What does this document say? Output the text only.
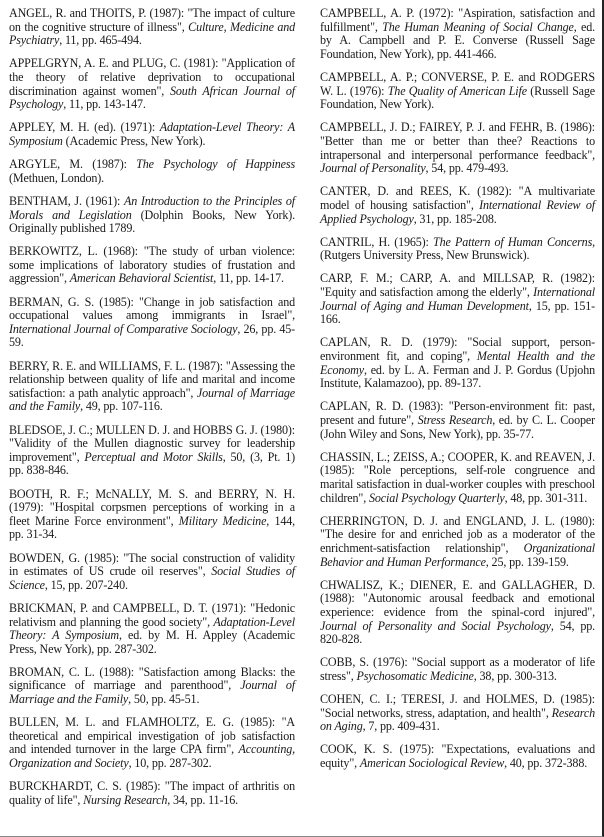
ANGEL, R. and THOITS, P. (1987): "The impact of culture on the cognitive structure of illness", Culture, Medicine and Psychiatry, 11, pp. 465-494.

APPELGRYN, A. E. and PLUG, C. (1981): "Application of the theory of relative deprivation to occupational discrimination against women", South African Journal of Psychology, 11, pp. 143-147.

APPLEY, M. H. (ed). (1971): Adaptation-Level Theory: A Symposium (Academic Press, New York).

ARGYLE, M. (1987): The Psychology of Happiness (Methuen, London).

BENTHAM, J. (1961): An Introduction to the Principles of Morals and Legislation (Dolphin Books, New York). Originally published 1789.

BERKOWITZ, L. (1968): "The study of urban violence: some implications of laboratory studies of frustation and aggression", American Behavioral Scientist, 11, pp. 14-17.

BERMAN, G. S. (1985): "Change in job satisfaction and occupational values among immigrants in Israel", International Journal of Comparative Sociology, 26, pp. 45-59.

BERRY, R. E. and WILLIAMS, F. L. (1987): "Assessing the relationship between quality of life and marital and income satisfaction: a path analytic approach", Journal of Marriage and the Family, 49, pp. 107-116.

BLEDSOE, J. C.; MULLEN D. J. and HOBBS G. J. (1980): "Validity of the Mullen diagnostic survey for leadership improvement", Perceptual and Motor Skills, 50, (3, Pt. 1) pp. 838-846.

BOOTH, R. F.; McNALLY, M. S. and BERRY, N. H. (1979): "Hospital corpsmen perceptions of working in a fleet Marine Force environment", Military Medicine, 144, pp. 31-34.

BOWDEN, G. (1985): "The social construction of validity in estimates of US crude oil reserves", Social Studies of Science, 15, pp. 207-240.

BRICKMAN, P. and CAMPBELL, D. T. (1971): "Hedonic relativism and planning the good society", Adaptation-Level Theory: A Symposium, ed. by M. H. Appley (Academic Press, New York), pp. 287-302.

BROMAN, C. L. (1988): "Satisfaction among Blacks: the significance of marriage and parenthood", Journal of Marriage and the Family, 50, pp. 45-51.

BULLEN, M. L. and FLAMHOLTZ, E. G. (1985): "A theoretical and empirical investigation of job satisfaction and intended turnover in the large CPA firm", Accounting, Organization and Society, 10, pp. 287-302.

BURCKHARDT, C. S. (1985): "The impact of arthritis on quality of life", Nursing Research, 34, pp. 11-16.

CAMPBELL, A. P. (1972): "Aspiration, satisfaction and fulfillment", The Human Meaning of Social Change, ed. by A. Campbell and P. E. Converse (Russell Sage Foundation, New York), pp. 441-466.

CAMPBELL, A. P.; CONVERSE, P. E. and RODGERS W. L. (1976): The Quality of American Life (Russell Sage Foundation, New York).

CAMPBELL, J. D.; FAIREY, P. J. and FEHR, B. (1986): "Better than me or better than thee? Reactions to intrapersonal and interpersonal performance feedback", Journal of Personality, 54, pp. 479-493.

CANTER, D. and REES, K. (1982): "A multivariate model of housing satisfaction", International Review of Applied Psychology, 31, pp. 185-208.

CANTRIL, H. (1965): The Pattern of Human Concerns, (Rutgers University Press, New Brunswick).

CARP, F. M.; CARP, A. and MILLSAP, R. (1982): "Equity and satisfaction among the elderly", International Journal of Aging and Human Development, 15, pp. 151-166.

CAPLAN, R. D. (1979): "Social support, person-environment fit, and coping", Mental Health and the Economy, ed. by L. A. Ferman and J. P. Gordus (Upjohn Institute, Kalamazoo), pp. 89-137.

CAPLAN, R. D. (1983): "Person-environment fit: past, present and future", Stress Research, ed. by C. L. Cooper (John Wiley and Sons, New York), pp. 35-77.

CHASSIN, L.; ZEISS, A.; COOPER, K. and REAVEN, J. (1985): "Role perceptions, self-role congruence and marital satisfaction in dual-worker couples with preschool children", Social Psychology Quarterly, 48, pp. 301-311.

CHERRINGTON, D. J. and ENGLAND, J. L. (1980): "The desire for and enriched job as a moderator of the enrichment-satisfaction relationship", Organizational Behavior and Human Performance, 25, pp. 139-159.

CHWALISZ, K.; DIENER, E. and GALLAGHER, D. (1988): "Autonomic arousal feedback and emotional experience: evidence from the spinal-cord injured", Journal of Personality and Social Psychology, 54, pp. 820-828.

COBB, S. (1976): "Social support as a moderator of life stress", Psychosomatic Medicine, 38, pp. 300-313.

COHEN, C. I.; TERESI, J. and HOLMES, D. (1985): "Social networks, stress, adaptation, and health", Research on Aging, 7, pp. 409-431.

COOK, K. S. (1975): "Expectations, evaluations and equity", American Sociological Review, 40, pp. 372-388.
